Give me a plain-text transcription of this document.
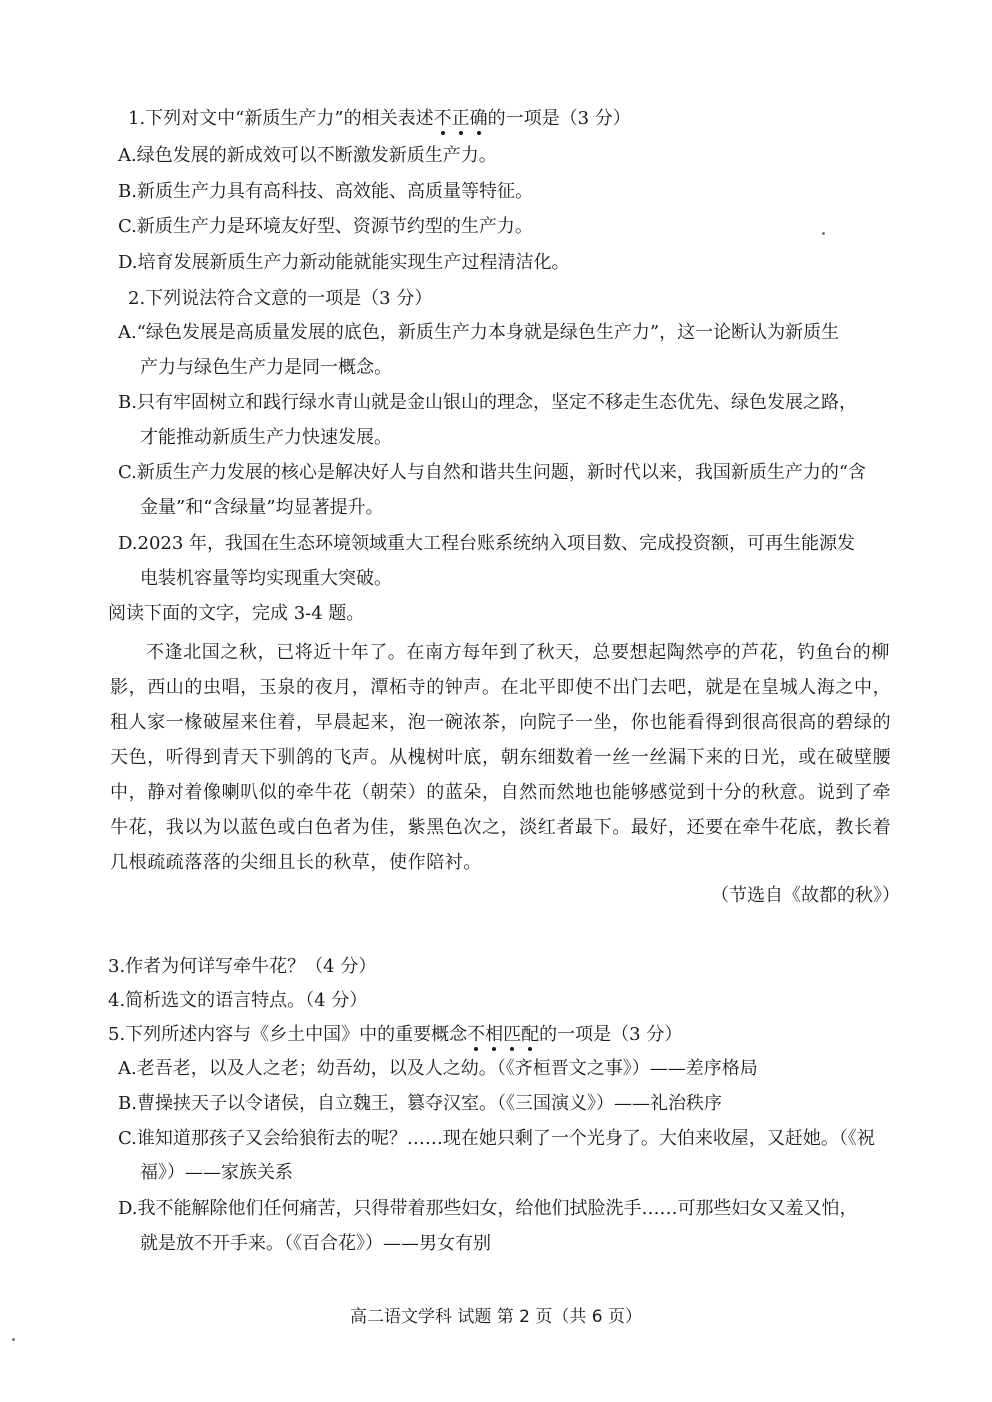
1.下列对文中“新质生产力”的相关表述不
正
确
的一项是（3 分）
A.绿色发展的新成效可以不断激发新质生产力。
B.新质生产力具有高科技、高效能、高质量等特征。
C.新质生产力是环境友好型、资源节约型的生产力。
D.培育发展新质生产力新动能就能实现生产过程清洁化。
2.下列说法符合文意的一项是（3 分）
A.“绿色发展是高质量发展的底色，新质生产力本身就是绿色生产力”，这一论断认为新质生
产力与绿色生产力是同一概念。
B.只有牢固树立和践行绿水青山就是金山银山的理念，坚定不移走生态优先、绿色发展之路，
才能推动新质生产力快速发展。
C.新质生产力发展的核心是解决好人与自然和谐共生问题，新时代以来，我国新质生产力的“含
金量”和“含绿量”均显著提升。
D.2023 年，我国在生态环境领域重大工程台账系统纳入项目数、完成投资额，可再生能源发
电装机容量等均实现重大突破。
阅读下面的文字，完成 3-4 题。
不逢北国之秋，已将近十年了。在南方每年到了秋天，总要想起陶然亭的芦花，钓鱼台的柳
影，西山的虫唱，玉泉的夜月，潭柘寺的钟声。在北平即使不出门去吧，就是在皇城人海之中，
租人家一椽破屋来住着，早晨起来，泡一碗浓茶，向院子一坐，你也能看得到很高很高的碧绿的
天色，听得到青天下驯鸽的飞声。从槐树叶底，朝东细数着一丝一丝漏下来的日光，或在破壁腰
中，静对着像喇叭似的牵牛花（朝荣）的蓝朵，自然而然地也能够感觉到十分的秋意。说到了牵
牛花，我以为以蓝色或白色者为佳，紫黑色次之，淡红者最下。最好，还要在牵牛花底，教长着
几根疏疏落落的尖细且长的秋草，使作陪衬。
（节选自《故都的秋》）
3.作者为何详写牵牛花？（4 分）
4.简析选文的语言特点。（4 分）
5.下列所述内容与《乡土中国》中的重要概念不
相
匹
配
的一项是（3 分）
A.老吾老，以及人之老；幼吾幼，以及人之幼。（《齐桓晋文之事》）——差序格局
B.曹操挟天子以令诸侯，自立魏王，篡夺汉室。（《三国演义》）——礼治秩序
C.谁知道那孩子又会给狼衔去的呢？……现在她只剩了一个光身了。大伯来收屋，又赶她。（《祝
福》）——家族关系
D.我不能解除他们任何痛苦，只得带着那些妇女，给他们拭脸洗手……可那些妇女又羞又怕，
就是放不开手来。（《百合花》）——男女有别
高二语文学科 试题 第 2 页（共 6 页）
